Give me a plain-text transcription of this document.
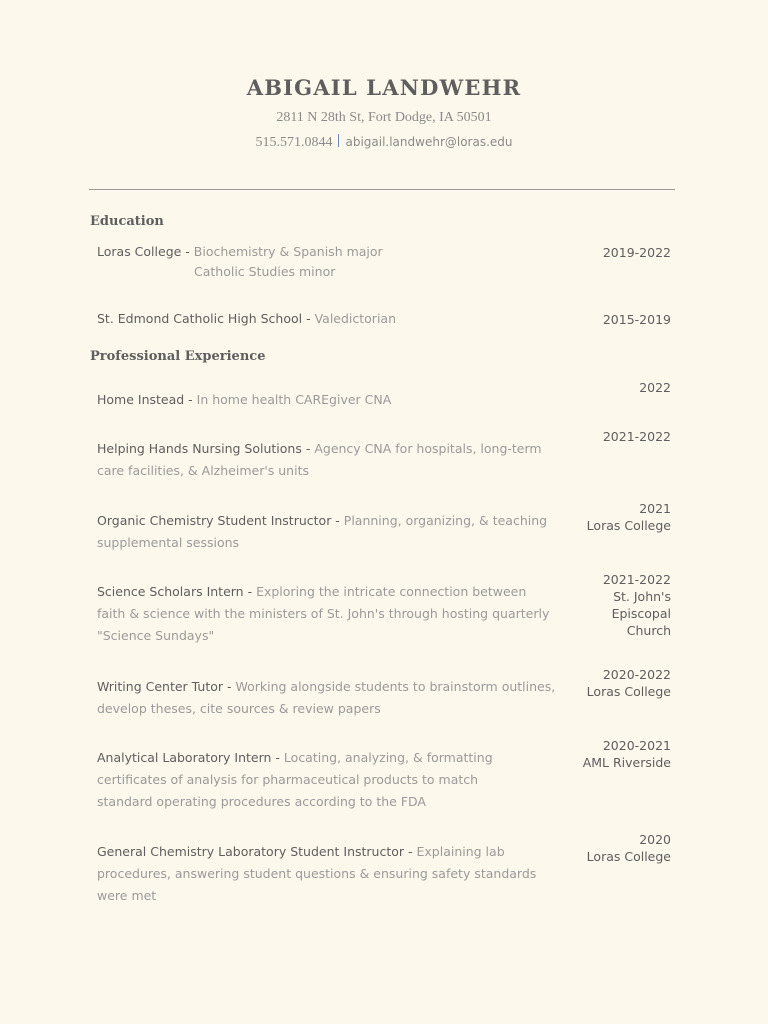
ABIGAIL LANDWEHR
2811 N 28th St, Fort Dodge, IA 50501
515.571.0844 abigail.landwehr@loras.edu
Education
Loras College - Biochemistry & Spanish major
Catholic Studies minor
2019-2022
St. Edmond Catholic High School - Valedictorian	2015-2019
Professional Experience
Home Instead - In home health CAREgiver CNA
2022
Helping Hands Nursing Solutions - Agency CNA for hospitals, long-term care facilities, & Alzheimer's units
2021-2022
Organic Chemistry Student Instructor - Planning, organizing, & teaching supplemental sessions
2021
Loras College
Science Scholars Intern - Exploring the intricate connection between faith & science with the ministers of St. John's through hosting quarterly "Science Sundays"
2021-2022
St. John's Episcopal Church
Writing Center Tutor - Working alongside students to brainstorm outlines, develop theses, cite sources & review papers
2020-2022
Loras College
Analytical Laboratory Intern - Locating, analyzing, & formatting certificates of analysis for pharmaceutical products to match standard operating procedures according to the FDA
2020-2021
AML Riverside
General Chemistry Laboratory Student Instructor - Explaining lab procedures, answering student questions & ensuring safety standards were met
2020
Loras College
